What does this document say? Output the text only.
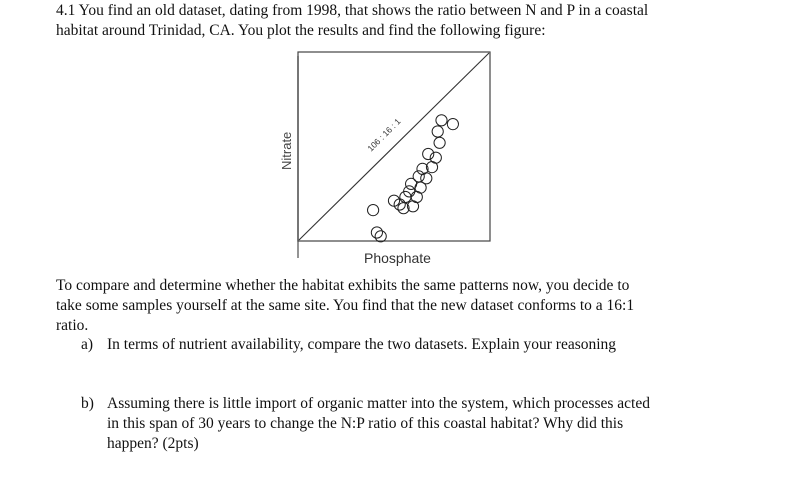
4.1 You find an old dataset, dating from 1998, that shows the ratio between N and P in a coastal
habitat around Trinidad, CA. You plot the results and find the following figure:
106 : 16 : 1
Nitrate
Phosphate
To compare and determine whether the habitat exhibits the same patterns now, you decide to
take some samples yourself at the same site. You find that the new dataset conforms to a 16:1
ratio.
a) In terms of nutrient availability, compare the two datasets. Explain your reasoning
b) Assuming there is little import of organic matter into the system, which processes acted
in this span of 30 years to change the N:P ratio of this coastal habitat? Why did this
happen? (2pts)
